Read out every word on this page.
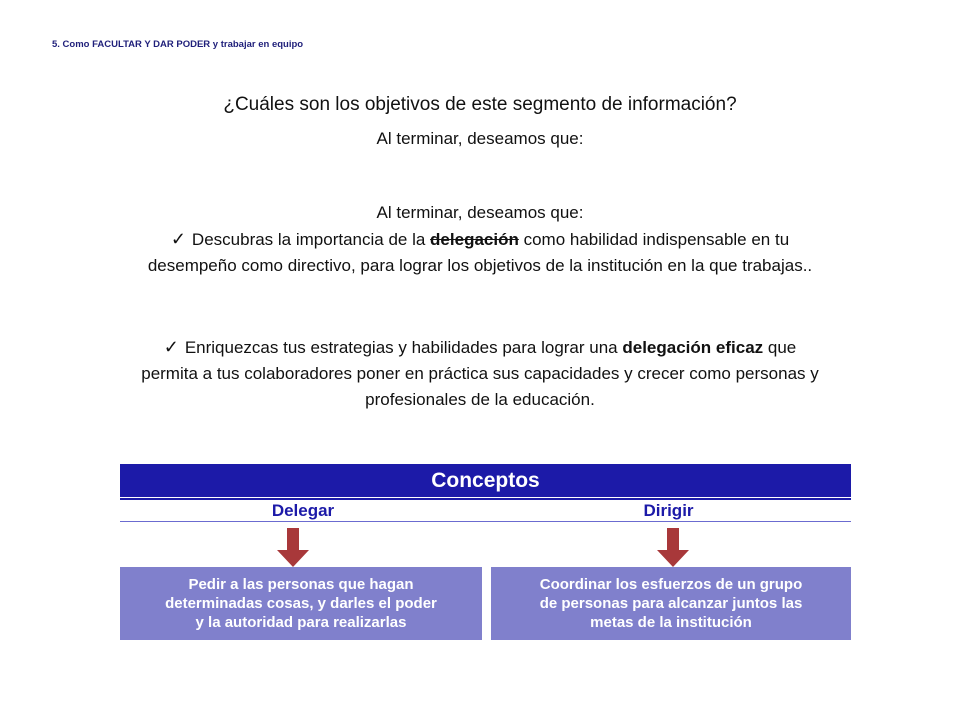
5. Como FACULTAR Y DAR PODER y trabajar en equipo
¿Cuáles son los objetivos de este segmento de información?
Al terminar, deseamos que:
Al terminar, deseamos que:
✓ Descubras la importancia de la delegación como habilidad indispensable en tu desempeño como directivo, para lograr los objetivos de la institución en la que trabajas..
✓ Enriquezcas tus estrategias y habilidades para lograr una delegación eficaz que permita a tus colaboradores poner en práctica sus capacidades y crecer como personas y profesionales de la educación.
Conceptos
Delegar	Dirigir
Pedir a las personas que hagan
determinadas cosas, y darles el poder
y la autoridad para realizarlas
Coordinar los esfuerzos de un grupo
de personas para alcanzar juntos las
metas de la institución
